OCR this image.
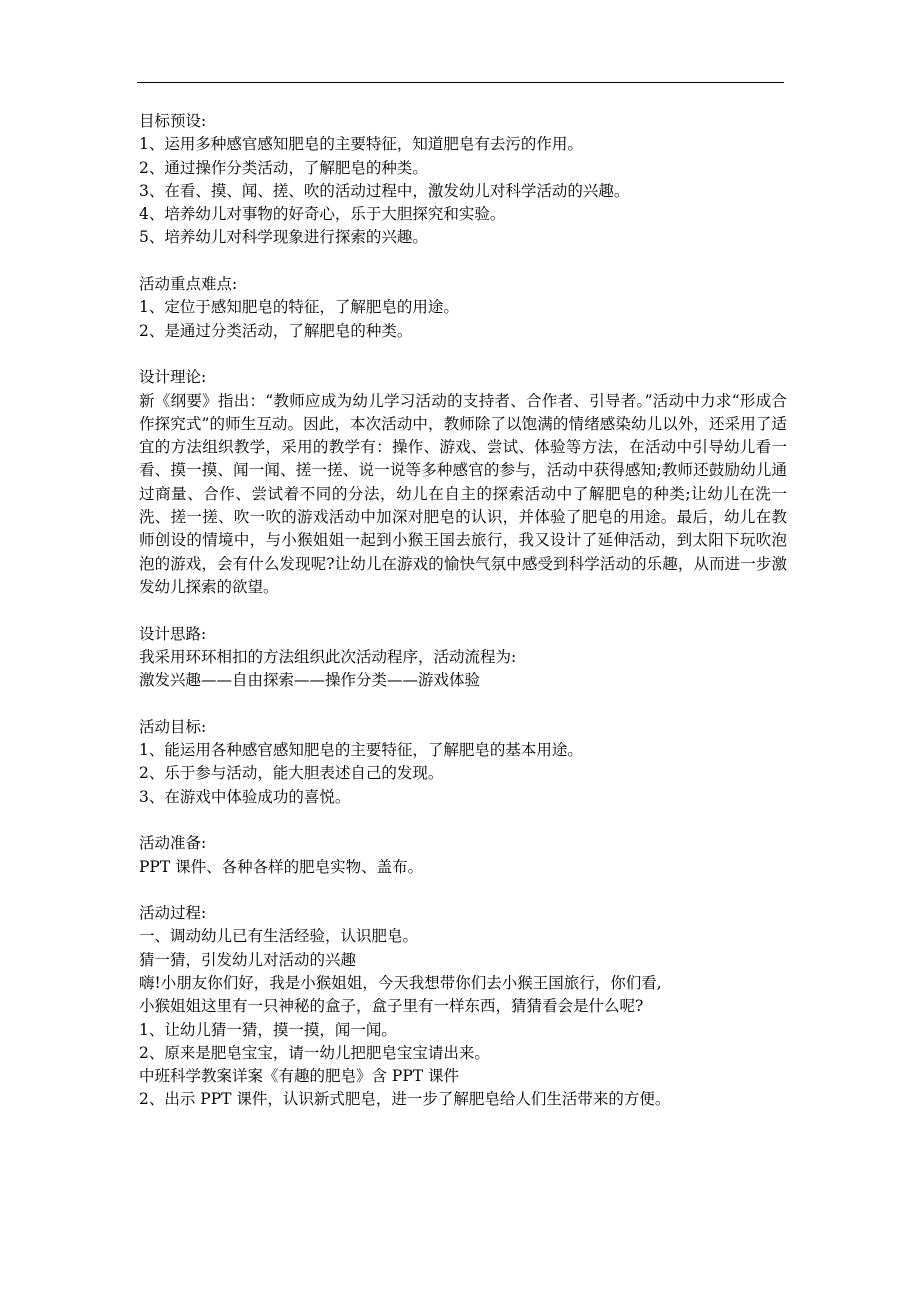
目标预设:
1、运用多种感官感知肥皂的主要特征，知道肥皂有去污的作用。
2、通过操作分类活动，了解肥皂的种类。
3、在看、摸、闻、搓、吹的活动过程中，激发幼儿对科学活动的兴趣。
4、培养幼儿对事物的好奇心，乐于大胆探究和实验。
5、培养幼儿对科学现象进行探索的兴趣。
活动重点难点:
1、定位于感知肥皂的特征，了解肥皂的用途。
2、是通过分类活动，了解肥皂的种类。
设计理论:
新《纲要》指出：“教师应成为幼儿学习活动的支持者、合作者、引导者。”活动中力求“形成合作探究式”的师生互动。因此，本次活动中，教师除了以饱满的情绪感染幼儿以外，还采用了适宜的方法组织教学，采用的教学有：操作、游戏、尝试、体验等方法，在活动中引导幼儿看一看、摸一摸、闻一闻、搓一搓、说一说等多种感官的参与，活动中获得感知;教师还鼓励幼儿通过商量、合作、尝试着不同的分法，幼儿在自主的探索活动中了解肥皂的种类;让幼儿在洗一洗、搓一搓、吹一吹的游戏活动中加深对肥皂的认识，并体验了肥皂的用途。最后，幼儿在教师创设的情境中，与小猴姐姐一起到小猴王国去旅行，我又设计了延伸活动，到太阳下玩吹泡泡的游戏，会有什么发现呢?让幼儿在游戏的愉快气氛中感受到科学活动的乐趣，从而进一步激发幼儿探索的欲望。
设计思路:
我采用环环相扣的方法组织此次活动程序，活动流程为:
激发兴趣——自由探索——操作分类——游戏体验
活动目标:
1、能运用各种感官感知肥皂的主要特征，了解肥皂的基本用途。
2、乐于参与活动，能大胆表述自己的发现。
3、在游戏中体验成功的喜悦。
活动准备:
PPT 课件、各种各样的肥皂实物、盖布。
活动过程:
一、调动幼儿已有生活经验，认识肥皂。
猜一猜，引发幼儿对活动的兴趣
嗨!小朋友你们好，我是小猴姐姐，今天我想带你们去小猴王国旅行，你们看,
小猴姐姐这里有一只神秘的盒子，盒子里有一样东西，猜猜看会是什么呢?
1、让幼儿猜一猜，摸一摸，闻一闻。
2、原来是肥皂宝宝，请一幼儿把肥皂宝宝请出来。
中班科学教案详案《有趣的肥皂》含 PPT 课件
2、出示 PPT 课件，认识新式肥皂，进一步了解肥皂给人们生活带来的方便。
